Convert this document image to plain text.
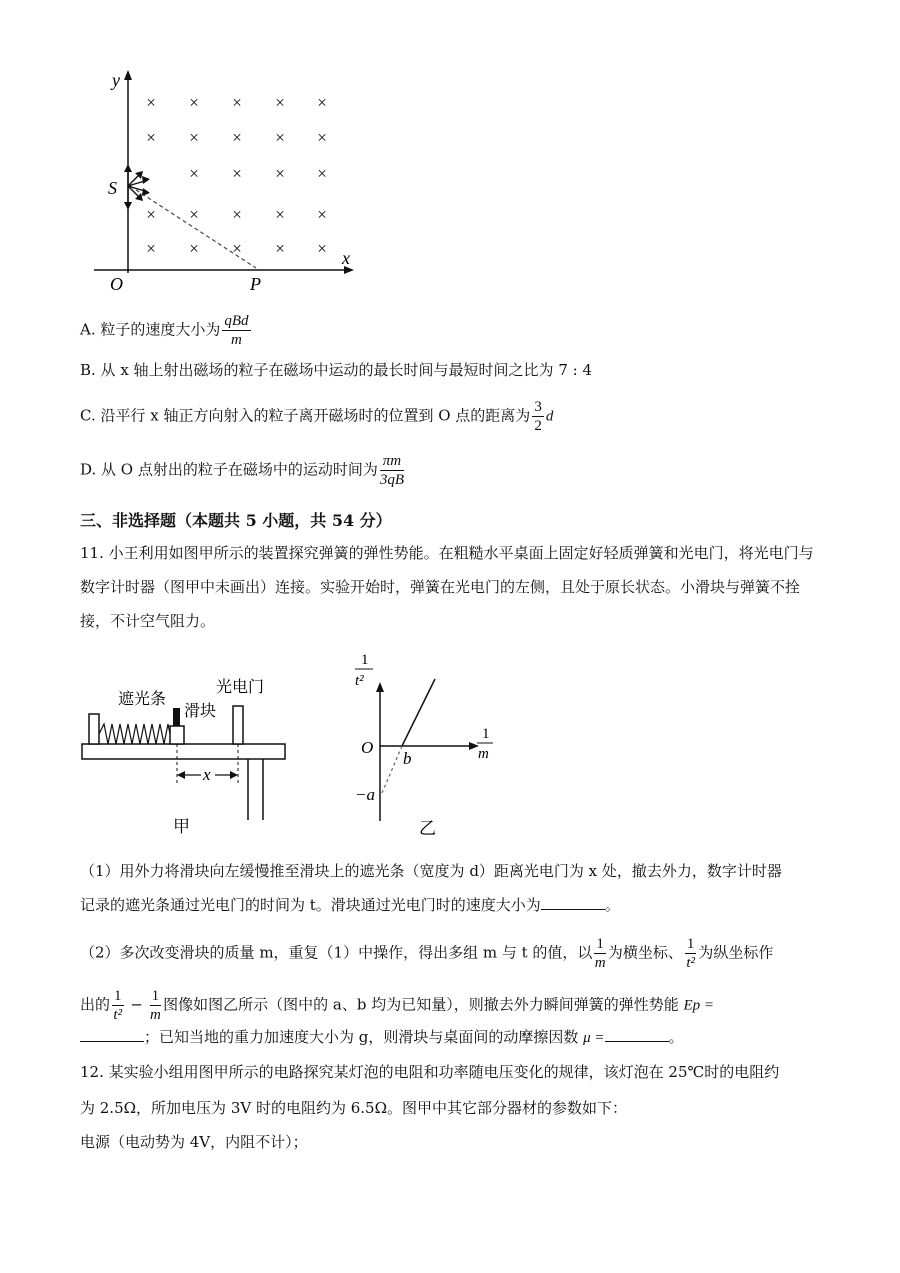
× × × × ×
× × × × ×
× × × ×
× × × × ×
× × × × ×
y
x
O
S
P
A. 粒子的速度大小为 $\frac{\text{qBd}}{m}$
B. 从 x 轴上射出磁场的粒子在磁场中运动的最长时间与最短时间之比为 7 : 4
C. 沿平行 x 轴正方向射入的粒子离开磁场时的位置到 O 点的距离为 $\frac{3}{2}$ d
D. 从 O 点射出的粒子在磁场中的运动时间为 $\frac{\pi m}{3qB}$
三、非选择题（本题共 5 小题，共 54 分）
11. 小王利用如图甲所示的装置探究弹簧的弹性势能。在粗糙水平桌面上固定好轻质弹簧和光电门，将光电门与数字计时器（图甲中未画出）连接。实验开始时，弹簧在光电门的左侧，且处于原长状态。小滑块与弹簧不拴接，不计空气阻力。
x
遮光条
滑块
光电门
甲
1
t²
1
m
O
b
−a
乙
（1）用外力将滑块向左缓慢推至滑块上的遮光条（宽度为 d）距离光电门为 x 处，撤去外力，数字计时器
记录的遮光条通过光电门的时间为 t。滑块通过光电门时的速度大小为	。
（2）多次改变滑块的质量 m，重复（1）中操作，得出多组 m 与 t 的值，以 $\frac{1}{m}$ 为横坐标、 $\frac{1}{\text{t²}}$ 为纵坐标作
出的 $\frac{1}{\text{t²}} - \frac{1}{m}$ 图像如图乙所示（图中的 a、b 均为已知量），则撤去外力瞬间弹簧的弹性势能 Ep =
；已知当地的重力加速度大小为 g，则滑块与桌面间的动摩擦因数 μ =	。
12. 某实验小组用图甲所示的电路探究某灯泡的电阻和功率随电压变化的规律，该灯泡在 25℃时的电阻约
为 2.5Ω，所加电压为 3V 时的电阻约为 6.5Ω。图甲中其它部分器材的参数如下：
电源（电动势为 4V，内阻不计）；
